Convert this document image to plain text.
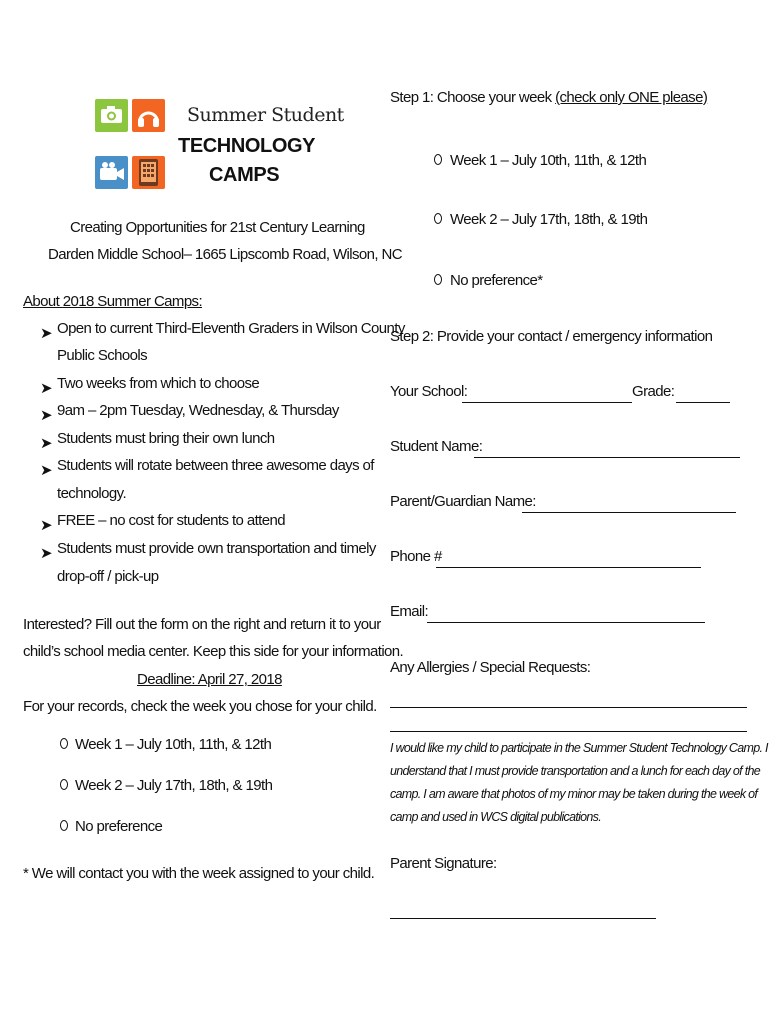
Summer Student
TECHNOLOGY
CAMPS
Creating Opportunities for 21st Century Learning
Darden Middle School– 1665 Lipscomb Road, Wilson, NC
About 2018 Summer Camps:
➤ Open to current Third-Eleventh Graders in Wilson County
Public Schools
➤ Two weeks from which to choose
➤ 9am – 2pm Tuesday, Wednesday, & Thursday
➤ Students must bring their own lunch
➤ Students will rotate between three awesome days of
technology.
➤ FREE – no cost for students to attend
➤ Students must provide own transportation and timely
drop-off / pick-up
Interested? Fill out the form on the right and return it to your
child’s school media center. Keep this side for your information.
Deadline: April 27, 2018
For your records, check the week you chose for your child.
Week 1 – July 10th, 11th, & 12th
Week 2 – July 17th, 18th, & 19th
No preference
* We will contact you with the week assigned to your child.
Step 1: Choose your week (check only ONE please)
Week 1 – July 10th, 11th, & 12th
Week 2 – July 17th, 18th, & 19th
No preference*
Step 2: Provide your contact / emergency information
Your School:	Grade:
Student Name:
Parent/Guardian Name:
Phone #
Email:
Any Allergies / Special Requests:
I would like my child to participate in the Summer Student Technology Camp. I
understand that I must provide transportation and a lunch for each day of the
camp. I am aware that photos of my minor may be taken during the week of
camp and used in WCS digital publications.
Parent Signature:
